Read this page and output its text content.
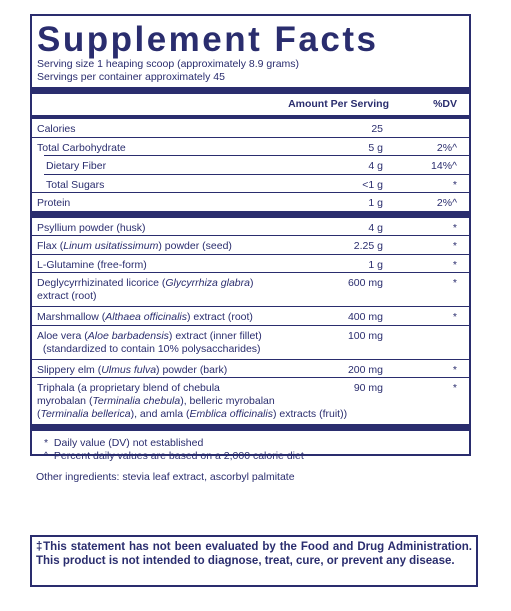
Supplement Facts
Serving size 1 heaping scoop (approximately 8.9 grams)
Servings per container approximately 45
Amount Per Serving	%DV
Calories	25
Total Carbohydrate	5 g	2%^
Dietary Fiber	4 g	14%^
Total Sugars	<1 g	*
Protein	1 g	2%^
Psyllium powder (husk)	4 g	*
Flax (Linum usitatissimum) powder (seed)	2.25 g	*
L-Glutamine (free-form)	1 g	*
Deglycyrrhizinated licorice (Glycyrrhiza glabra)
extract (root)
600 mg	*
Marshmallow (Althaea officinalis) extract (root)	400 mg	*
Aloe vera (Aloe barbadensis) extract (inner fillet)
(standardized to contain 10% polysaccharides)
100 mg
Slippery elm (Ulmus fulva) powder (bark)	200 mg	*
Triphala (a proprietary blend of chebula
myrobalan (Terminalia chebula), belleric myrobalan
(Terminalia bellerica), and amla (Emblica officinalis) extracts (fruit))
90 mg	*
* Daily value (DV) not established
^ Percent daily values are based on a 2,000 calorie diet
Other ingredients: stevia leaf extract, ascorbyl palmitate
‡This statement has not been evaluated by the Food and Drug Administration. This product is not intended to diagnose, treat, cure, or prevent any disease.
